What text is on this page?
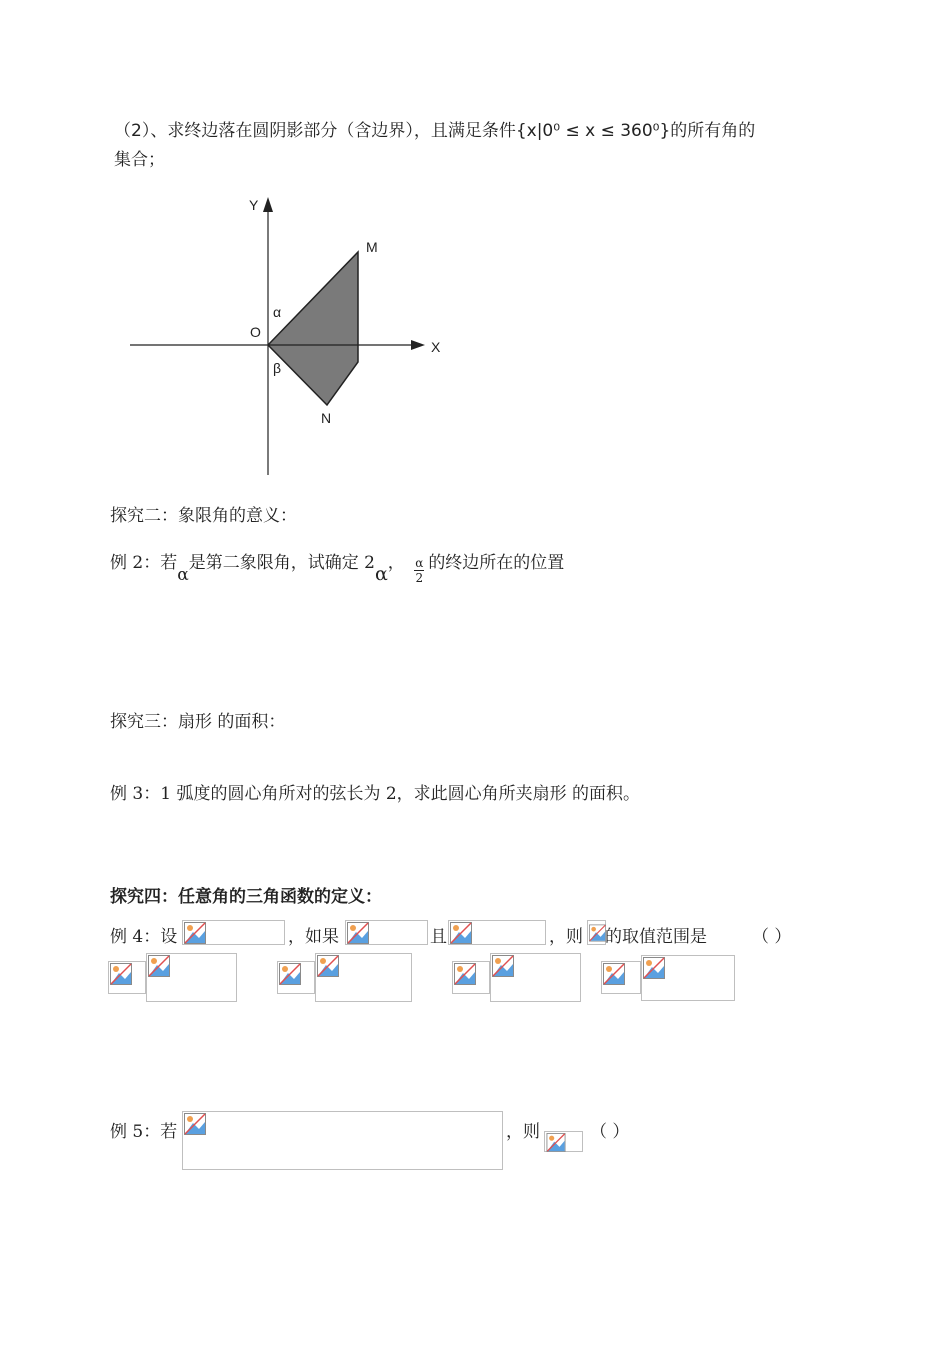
（2）、求终边落在圆阴影部分（含边界），且满足条件{x|0⁰ ≤ x ≤ 360⁰}的所有角的
集合；
Y
X
O
M
N
α
β
探究二：象限角的意义：
例 2：若α是第二象限角，试确定 2α， $\frac{\alpha}{2}$ 的终边所在的位置
探究三：扇形 的面积：
例 3：1 弧度的圆心角所对的弦长为 2，求此圆心角所夹扇形 的面积。
探究四：任意角的三角函数的定义：
例 4：设	，如果	且	，则 的取值范围是	（ ）
例 5：若	，则	（ ）
